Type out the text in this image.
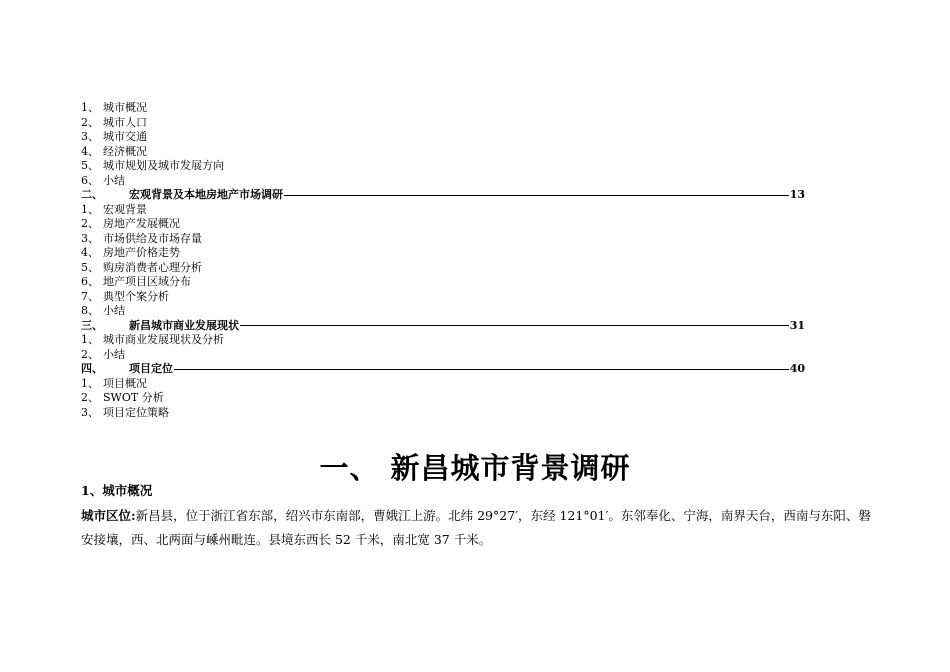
1、 城市概况
2、 城市人口
3、 城市交通
4、 经济概况
5、 城市规划及城市发展方向
6、 小结
二、	宏观背景及本地房地产市场调研	13
1、 宏观背景
2、 房地产发展概况
3、 市场供给及市场存量
4、 房地产价格走势
5、 购房消费者心理分析
6、 地产项目区域分布
7、 典型个案分析
8、 小结
三、	新昌城市商业发展现状	31
1、 城市商业发展现状及分析
2、 小结
四、	项目定位	40
1、 项目概况
2、 SWOT 分析
3、 项目定位策略
一、 新昌城市背景调研
1、城市概况

城市区位:新昌县，位于浙江省东部，绍兴市东南部，曹娥江上游。北纬 29°27′，东经 121°01′。东邻奉化、宁海，南界天台，西南与东阳、磐安接壤，西、北两面与嵊州毗连。县境东西长 52 千米，南北宽 37 千米。
